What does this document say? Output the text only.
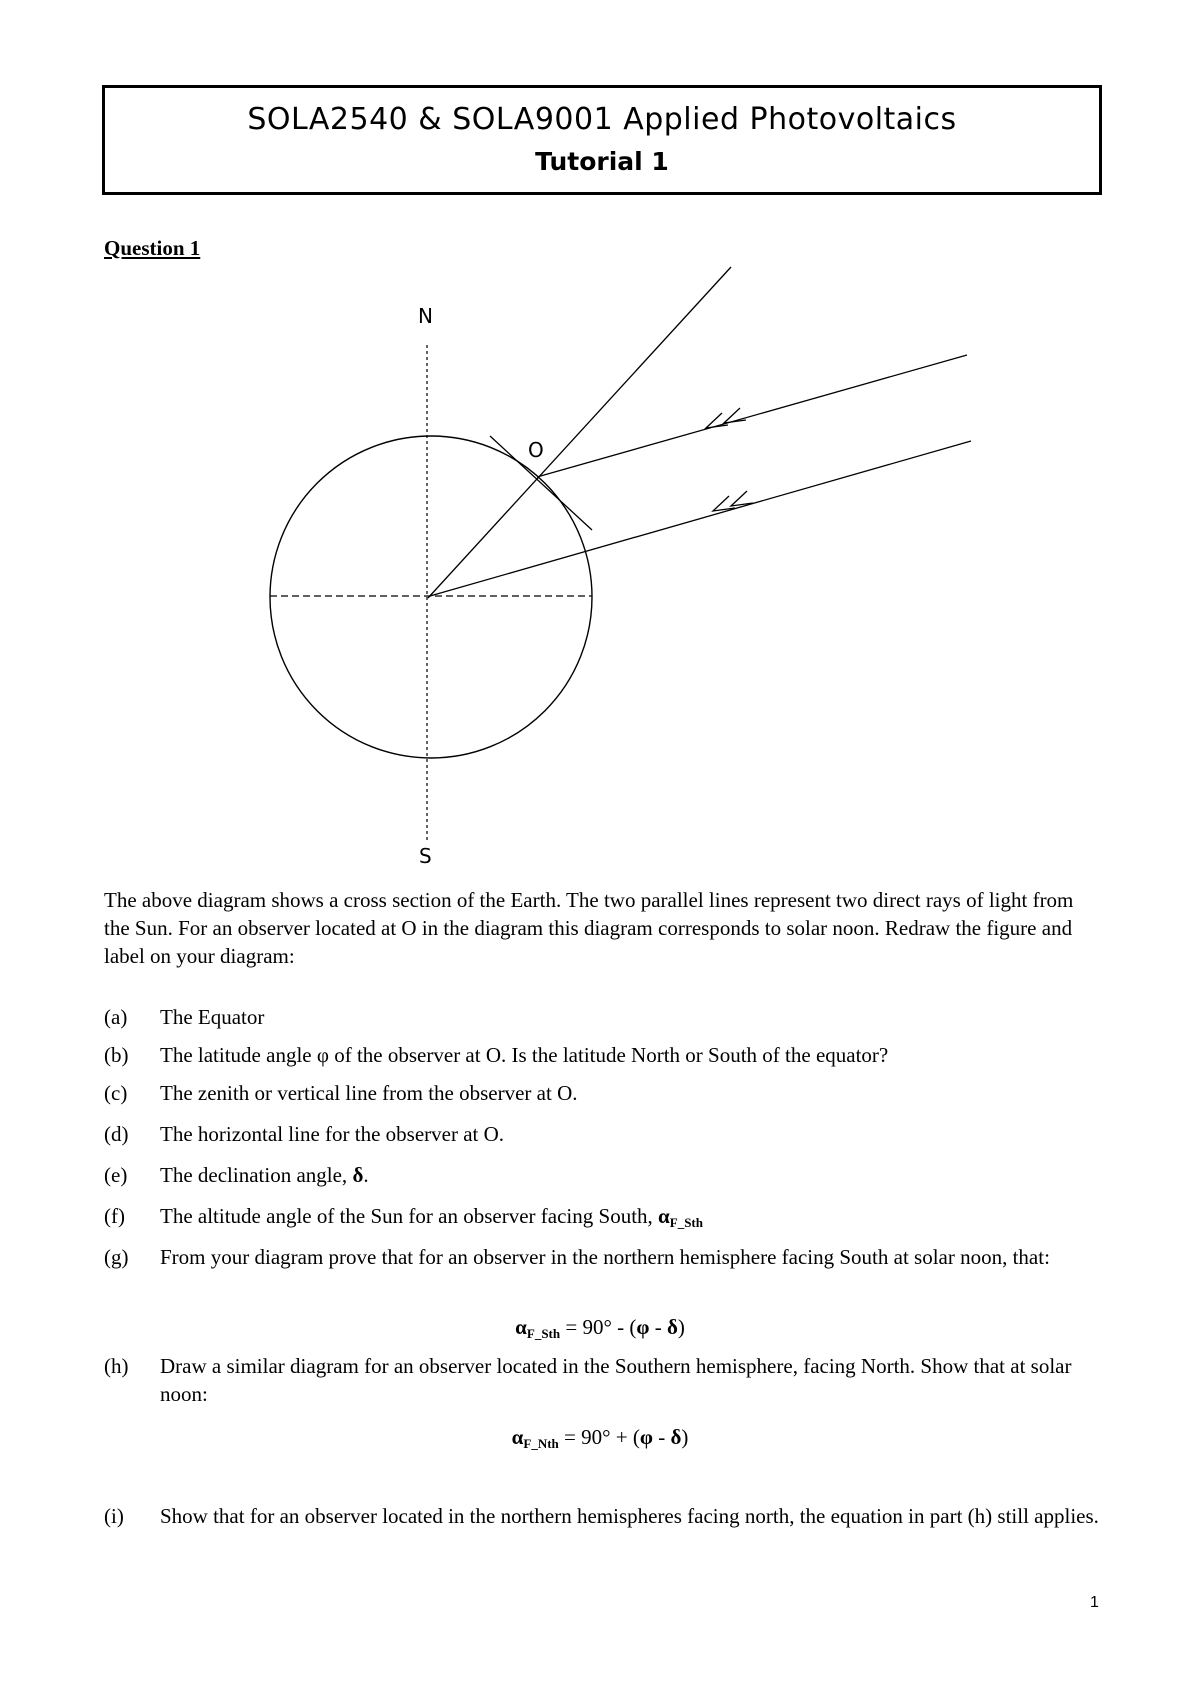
SOLA2540 & SOLA9001 Applied Photovoltaics
Tutorial 1
Question 1
N
S
O
The above diagram shows a cross section of the Earth. The two parallel lines represent two direct rays of light from the Sun. For an observer located at O in the diagram this diagram corresponds to solar noon. Redraw the figure and label on your diagram:
(a) The Equator
(b) The latitude angle φ of the observer at O. Is the latitude North or South of the equator?
(c) The zenith or vertical line from the observer at O.
(d) The horizontal line for the observer at O.
(e) The declination angle, δ.
(f) The altitude angle of the Sun for an observer facing South, $\alpha_{F\_Sth}$
(g) From your diagram prove that for an observer in the northern hemisphere facing South at solar noon, that:
$\alpha_{F\_Sth} = 90^\circ - (\varphi - \delta)$
(h) Draw a similar diagram for an observer located in the Southern hemisphere, facing North. Show that at solar noon:
$\alpha_{F\_Nth} = 90^\circ + (\varphi - \delta)$
(i) Show that for an observer located in the northern hemispheres facing north, the equation in part (h) still applies.
1
